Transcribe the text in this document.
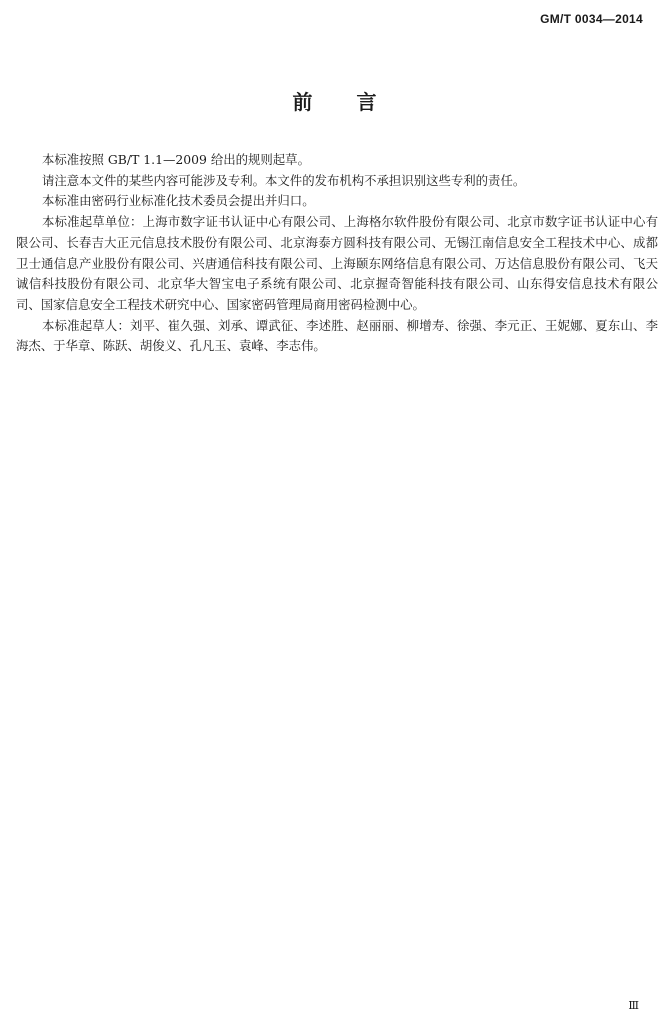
GM/T 0034—2014
前 言

本标准按照 GB/T 1.1—2009 给出的规则起草。

请注意本文件的某些内容可能涉及专利。本文件的发布机构不承担识别这些专利的责任。

本标准由密码行业标准化技术委员会提出并归口。

本标准起草单位：上海市数字证书认证中心有限公司、上海格尔软件股份有限公司、北京市数字证书认证中心有限公司、长春吉大正元信息技术股份有限公司、北京海泰方圆科技有限公司、无锡江南信息安全工程技术中心、成都卫士通信息产业股份有限公司、兴唐通信科技有限公司、上海颐东网络信息有限公司、万达信息股份有限公司、飞天诚信科技股份有限公司、北京华大智宝电子系统有限公司、北京握奇智能科技有限公司、山东得安信息技术有限公司、国家信息安全工程技术研究中心、国家密码管理局商用密码检测中心。

本标准起草人：刘平、崔久强、刘承、谭武征、李述胜、赵丽丽、柳增寿、徐强、李元正、王妮娜、夏东山、李海杰、于华章、陈跃、胡俊义、孔凡玉、袁峰、李志伟。

Ⅲ
